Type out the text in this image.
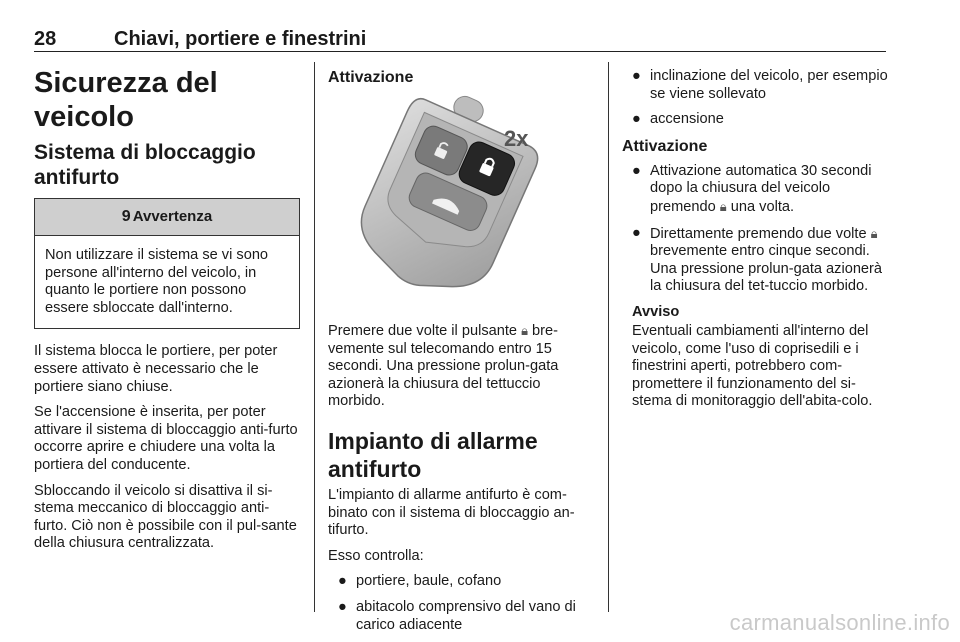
28	Chiavi, portiere e finestrini
Sicurezza del veicolo
Sistema di bloccaggio antifurto
9 Avvertenza
Non utilizzare il sistema se vi sono persone all'interno del veicolo, in quanto le portiere non possono essere sbloccate dall'interno.

Il sistema blocca le portiere, per poter essere attivato è necessario che le portiere siano chiuse.

Se l'accensione è inserita, per poter attivare il sistema di bloccaggio anti-furto occorre aprire e chiudere una volta la portiera del conducente.

Sbloccando il veicolo si disattiva il si-stema meccanico di bloccaggio anti-furto. Ciò non è possibile con il pul-sante della chiusura centralizzata.

Attivazione
2x

Premere due volte il pulsante 🔒︎ bre-vemente sul telecomando entro 15 secondi. Una pressione prolun-gata azionerà la chiusura del tettuccio morbido.

Impianto di allarme antifurto

L'impianto di allarme antifurto è com-binato con il sistema di bloccaggio an-tifurto.

Esso controlla:

● portiere, baule, cofano
● abitacolo comprensivo del vano di carico adiacente
● inclinazione del veicolo, per esempio se viene sollevato
● accensione
Attivazione
● Attivazione automatica 30 secondi dopo la chiusura del veicolo premendo 🔒︎ una volta.
● Direttamente premendo due volte 🔒︎ brevemente entro cinque secondi. Una pressione prolun-gata azionerà la chiusura del tet-tuccio morbido.
Avviso
Eventuali cambiamenti all'interno del veicolo, come l'uso di coprisedili e i finestrini aperti, potrebbero com-promettere il funzionamento del si-stema di monitoraggio dell'abita-colo.
carmanualsonline.info
